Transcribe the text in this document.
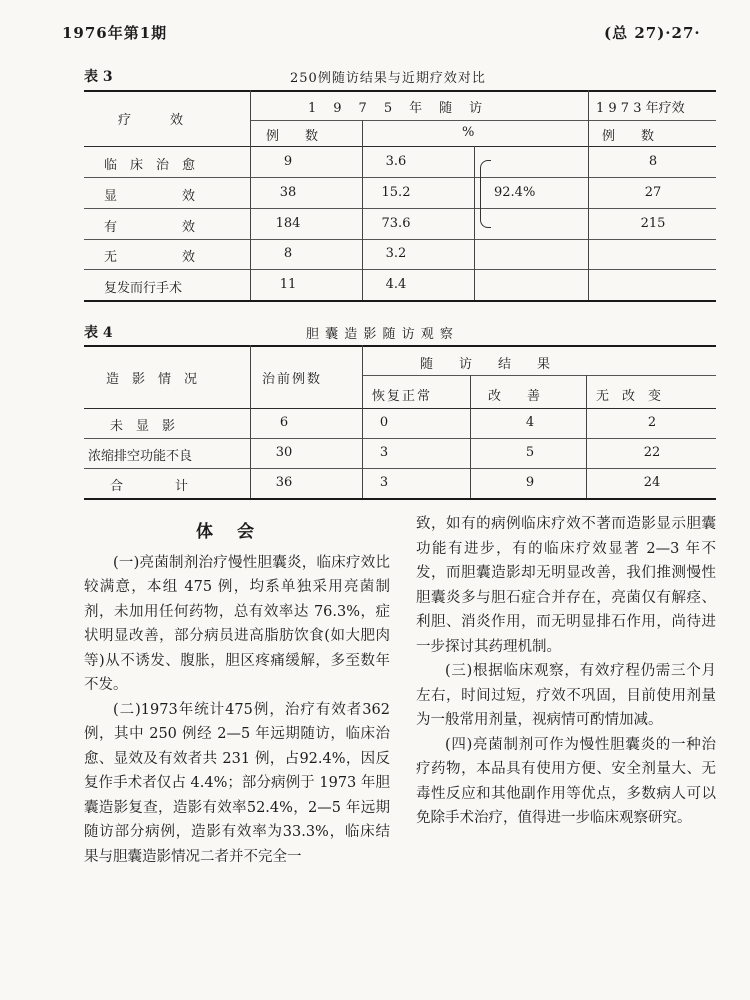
1976年第1期	(总 27)·27·
表 3	250例随访结果与近期疗效对比
疗　　　效
1　9　7　5　年　随　访	1 9 7 3 年疗效
例　　数	%	例　　数
临　床　治　愈	9	3.6	8
显　　　　　效	38	15.2	27
有　　　　　效	184	73.6	215
无　　　　　效	8	3.2
复发而行手术	11	4.4
92.4%
表 4	胆 囊 造 影 随 访 观 察
造　影　情　况	治前例数
随　　访　　结　　果
恢复正常	改　　善	无　改　变
未　显　影	6	0	4	2
浓缩排空功能不良	30	3	5	22
合　　　　计	36	3	9	24
体会

(一)亮菌制剂治疗慢性胆囊炎，临床疗效比较满意，本组 475 例，均系单独采用亮菌制剂，未加用任何药物，总有效率达 76.3%，症状明显改善，部分病员进高脂肪饮食(如大肥肉等)从不诱发、腹胀，胆区疼痛缓解，多至数年不发。

(二)1973年统计475例，治疗有效者362例，其中 250 例经 2—5 年远期随访，临床治愈、显效及有效者共 231 例，占92.4%，因反复作手术者仅占 4.4%；部分病例于 1973 年胆囊造影复查，造影有效率52.4%，2—5 年远期随访部分病例，造影有效率为33.3%，临床结果与胆囊造影情况二者并不完全一

致，如有的病例临床疗效不著而造影显示胆囊功能有进步，有的临床疗效显著 2—3 年不发，而胆囊造影却无明显改善，我们推测慢性胆囊炎多与胆石症合并存在，亮菌仅有解痉、利胆、消炎作用，而无明显排石作用，尚待进一步探讨其药理机制。

(三)根据临床观察，有效疗程仍需三个月左右，时间过短，疗效不巩固，目前使用剂量为一般常用剂量，视病情可酌情加减。

(四)亮菌制剂可作为慢性胆囊炎的一种治疗药物，本品具有使用方便、安全剂量大、无毒性反应和其他副作用等优点，多数病人可以免除手术治疗，值得进一步临床观察研究。
